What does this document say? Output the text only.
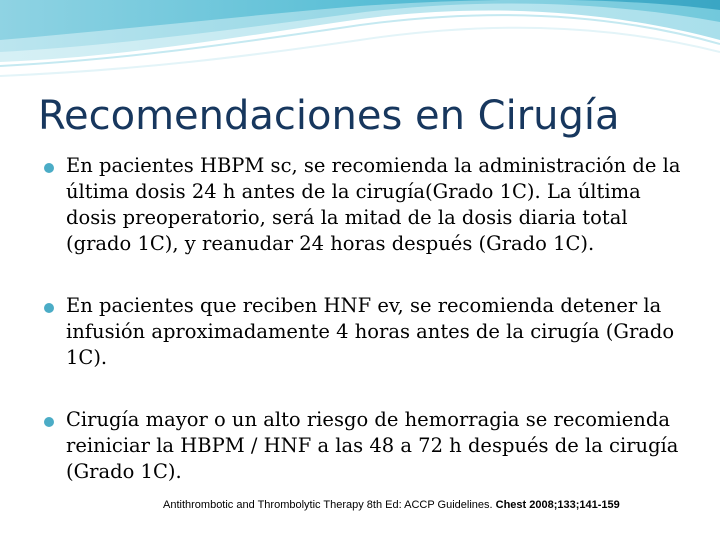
Recomendaciones en Cirugía
En pacientes HBPM sc, se recomienda la administración de la última dosis 24 h antes de la cirugía(Grado 1C). La última dosis preoperatorio, será la mitad de la dosis diaria total (grado 1C), y reanudar 24 horas después (Grado 1C).
En pacientes que reciben HNF ev, se recomienda detener la infusión aproximadamente 4 horas antes de la cirugía (Grado 1C).
Cirugía mayor o un alto riesgo de hemorragia se recomienda reiniciar la HBPM / HNF a las 48 a 72 h después de la cirugía (Grado 1C).
Antithrombotic and Thrombolytic Therapy 8th Ed: ACCP Guidelines. Chest 2008;133;141-159
